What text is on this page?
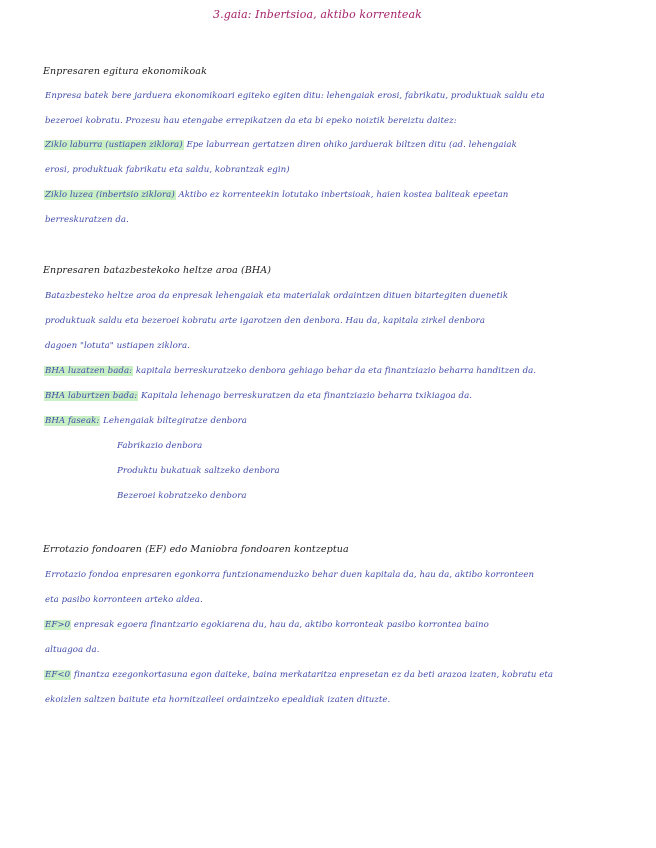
3.gaia: Inbertsioa, aktibo korrenteak
Enpresaren egitura ekonomikoak
Enpresa batek bere jarduera ekonomikoari egiteko egiten ditu: lehengaiak erosi, fabrikatu, produktuak saldu eta
bezeroei kobratu. Prozesu hau etengabe errepikatzen da eta bi epeko noiztik bereiztu daitez:
Ziklo laburra (ustiapen ziklora) Epe laburrean gertatzen diren ohiko jarduerak biltzen ditu (ad. lehengaiak
erosi, produktuak fabrikatu eta saldu, kobrantzak egin)
Ziklo luzea (inbertsio ziklora) Aktibo ez korrenteekin lotutako inbertsioak, haien kostea baliteak epeetan
berreskuratzen da.
Enpresaren batazbestekoko heltze aroa (BHA)
Batazbesteko heltze aroa da enpresak lehengaiak eta materialak ordaintzen dituen bitartegiten duenetik
produktuak saldu eta bezeroei kobratu arte igarotzen den denbora. Hau da, kapitala zirkel denbora
dagoen "lotuta" ustiapen ziklora.
BHA luzatzen bada: kapitala berreskuratzeko denbora gehiago behar da eta finantziazio beharra handitzen da.
BHA laburtzen bada: Kapitala lehenago berreskuratzen da eta finantziazio beharra txikiagoa da.
BHA faseak: Lehengaiak biltegiratze denbora
Fabrikazio denbora
Produktu bukatuak saltzeko denbora
Bezeroei kobratzeko denbora
Errotazio fondoaren (EF) edo Maniobra fondoaren kontzeptua
Errotazio fondoa enpresaren egonkorra funtzionamenduzko behar duen kapitala da, hau da, aktibo korronteen
eta pasibo korronteen arteko aldea.
EF>0 enpresak egoera finantzario egokiarena du, hau da, aktibo korronteak pasibo korrontea baino
altuagoa da.
EF<0 finantza ezegonkortasuna egon daiteke, baina merkataritza enpresetan ez da beti arazoa izaten, kobratu eta
ekoizlen saltzen baitute eta hornitzaileei ordaintzeko epealdiak izaten dituzte.
